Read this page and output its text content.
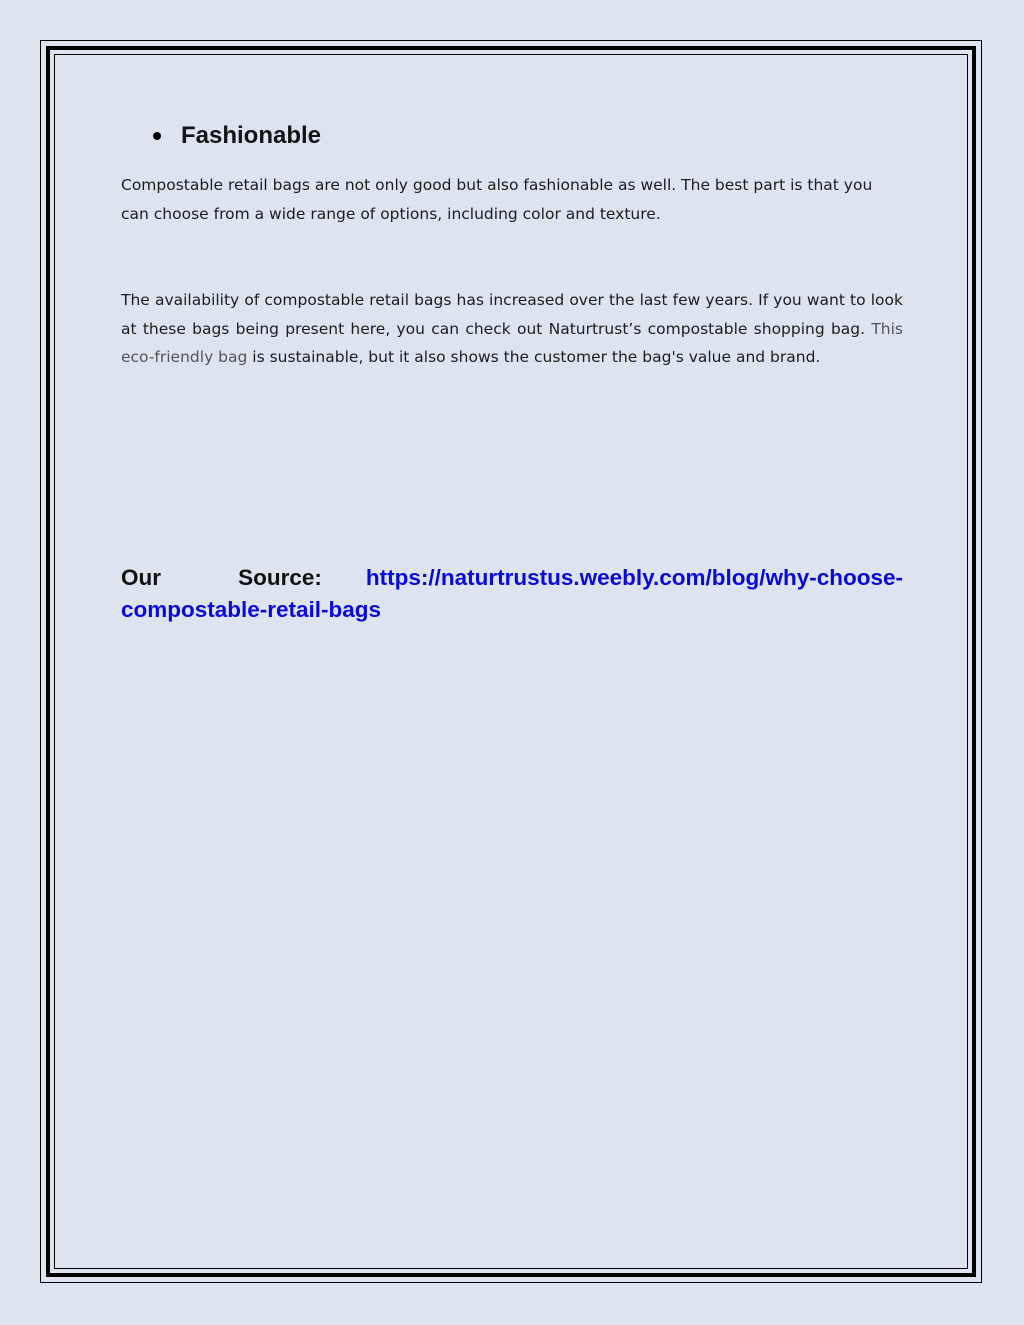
Fashionable

Compostable retail bags are not only good but also fashionable as well. The best part is that you can choose from a wide range of options, including color and texture.

The availability of compostable retail bags has increased over the last few years. If you want to look at these bags being present here, you can check out Naturtrust’s compostable shopping bag. This eco-friendly bag is sustainable, but it also shows the customer the bag's value and brand.

Our Source: https://naturtrustus.weebly.com/blog/why-choose-compostable-retail-bags
